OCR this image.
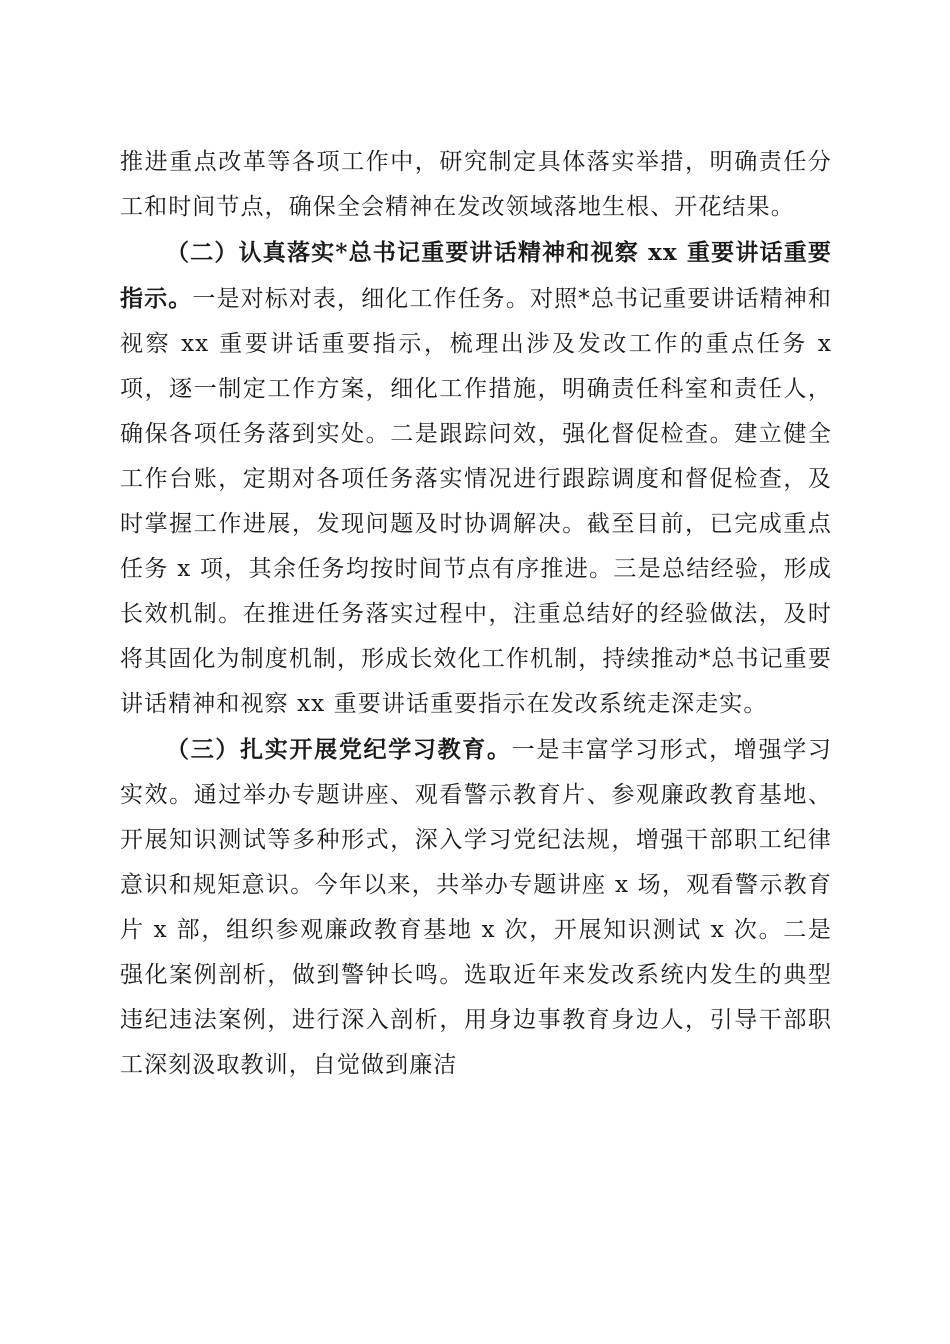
推进重点改革等各项工作中，研究制定具体落实举措，明确责任分工和时间节点，确保全会精神在发改领域落地生根、开花结果。

（二）认真落实*总书记重要讲话精神和视察 xx 重要讲话重要指示。一是对标对表，细化工作任务。对照*总书记重要讲话精神和视察 xx 重要讲话重要指示，梳理出涉及发改工作的重点任务 x 项，逐一制定工作方案，细化工作措施，明确责任科室和责任人，确保各项任务落到实处。二是跟踪问效，强化督促检查。建立健全工作台账，定期对各项任务落实情况进行跟踪调度和督促检查，及时掌握工作进展，发现问题及时协调解决。截至目前，已完成重点任务 x 项，其余任务均按时间节点有序推进。三是总结经验，形成长效机制。在推进任务落实过程中，注重总结好的经验做法，及时将其固化为制度机制，形成长效化工作机制，持续推动*总书记重要讲话精神和视察 xx 重要讲话重要指示在发改系统走深走实。

（三）扎实开展党纪学习教育。一是丰富学习形式，增强学习实效。通过举办专题讲座、观看警示教育片、参观廉政教育基地、开展知识测试等多种形式，深入学习党纪法规，增强干部职工纪律意识和规矩意识。今年以来，共举办专题讲座 x 场，观看警示教育片 x 部，组织参观廉政教育基地 x 次，开展知识测试 x 次。二是强化案例剖析，做到警钟长鸣。选取近年来发改系统内发生的典型违纪违法案例，进行深入剖析，用身边事教育身边人，引导干部职工深刻汲取教训，自觉做到廉洁
